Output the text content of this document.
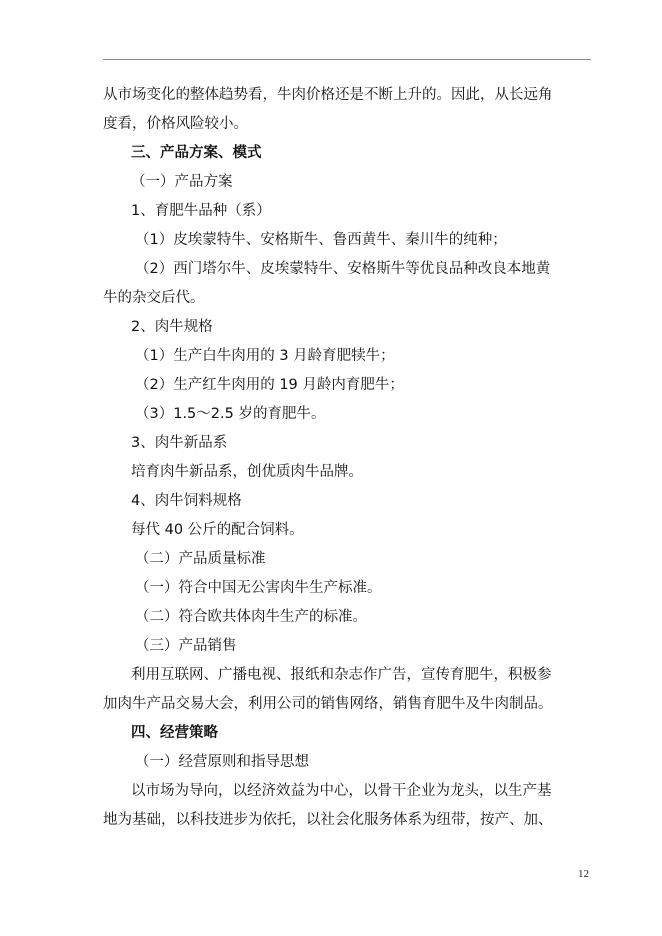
从市场变化的整体趋势看，牛肉价格还是不断上升的。因此，从长远角
度看，价格风险较小。
三、产品方案、模式
（一）产品方案
1、育肥牛品种（系）
（1）皮埃蒙特牛、安格斯牛、鲁西黄牛、秦川牛的纯种；
（2）西门塔尔牛、皮埃蒙特牛、安格斯牛等优良品种改良本地黄
牛的杂交后代。
2、肉牛规格
（1）生产白牛肉用的 3 月龄育肥犊牛；
（2）生产红牛肉用的 19 月龄内育肥牛；
（3）1.5～2.5 岁的育肥牛。
3、肉牛新品系
培育肉牛新品系，创优质肉牛品牌。
4、肉牛饲料规格
每代 40 公斤的配合饲料。
（二）产品质量标准
（一）符合中国无公害肉牛生产标准。
（二）符合欧共体肉牛生产的标准。
（三）产品销售
利用互联网、广播电视、报纸和杂志作广告，宣传育肥牛，积极参
加肉牛产品交易大会，利用公司的销售网络，销售育肥牛及牛肉制品。
四、经营策略
（一）经营原则和指导思想
以市场为导向，以经济效益为中心，以骨干企业为龙头，以生产基
地为基础，以科技进步为依托，以社会化服务体系为纽带，按产、加、
12
